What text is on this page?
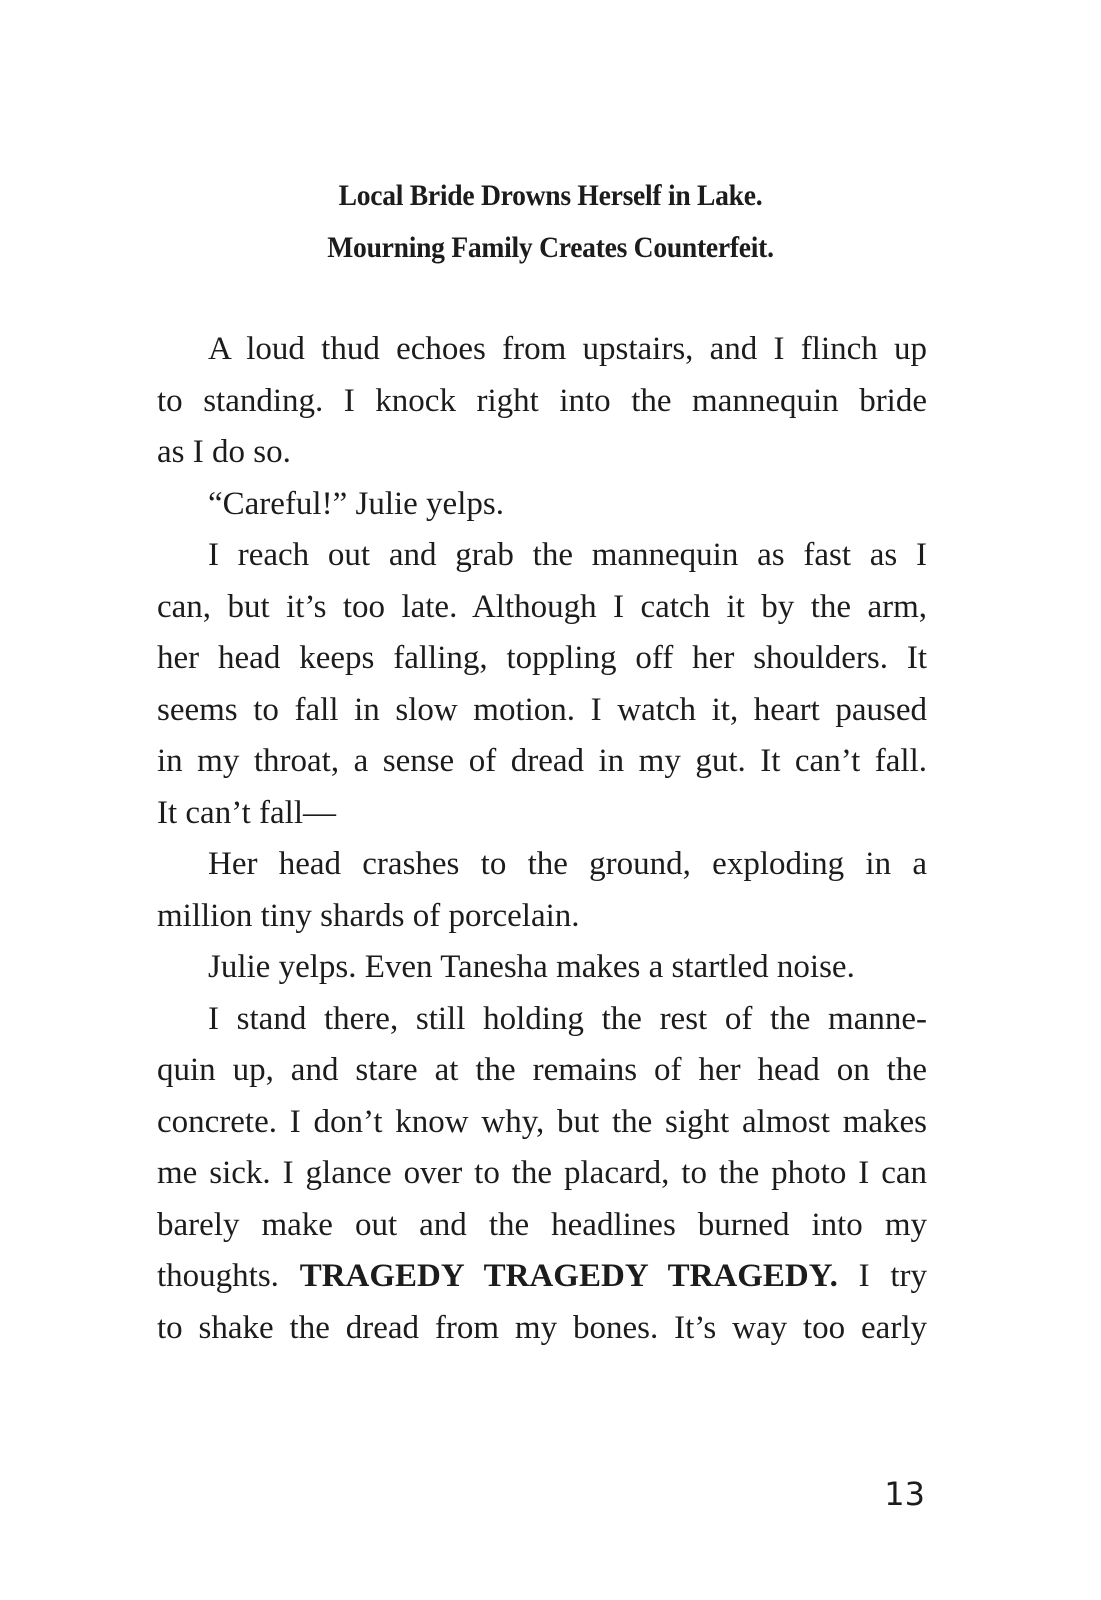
Local Bride Drowns Herself in Lake.
Mourning Family Creates Counterfeit.
A loud thud echoes from upstairs, and I flinch up
to standing. I knock right into the mannequin bride
as I do so.
“Careful!” Julie yelps.
I reach out and grab the mannequin as fast as I
can, but it’s too late. Although I catch it by the arm,
her head keeps falling, toppling off her shoulders. It
seems to fall in slow motion. I watch it, heart paused
in my throat, a sense of dread in my gut. It can’t fall.
It can’t fall—
Her head crashes to the ground, exploding in a
million tiny shards of porcelain.
Julie yelps. Even Tanesha makes a startled noise.
I stand there, still holding the rest of the manne-
quin up, and stare at the remains of her head on the
concrete. I don’t know why, but the sight almost makes
me sick. I glance over to the placard, to the photo I can
barely make out and the headlines burned into my
thoughts. TRAGEDY TRAGEDY TRAGEDY. I try
to shake the dread from my bones. It’s way too early
13
